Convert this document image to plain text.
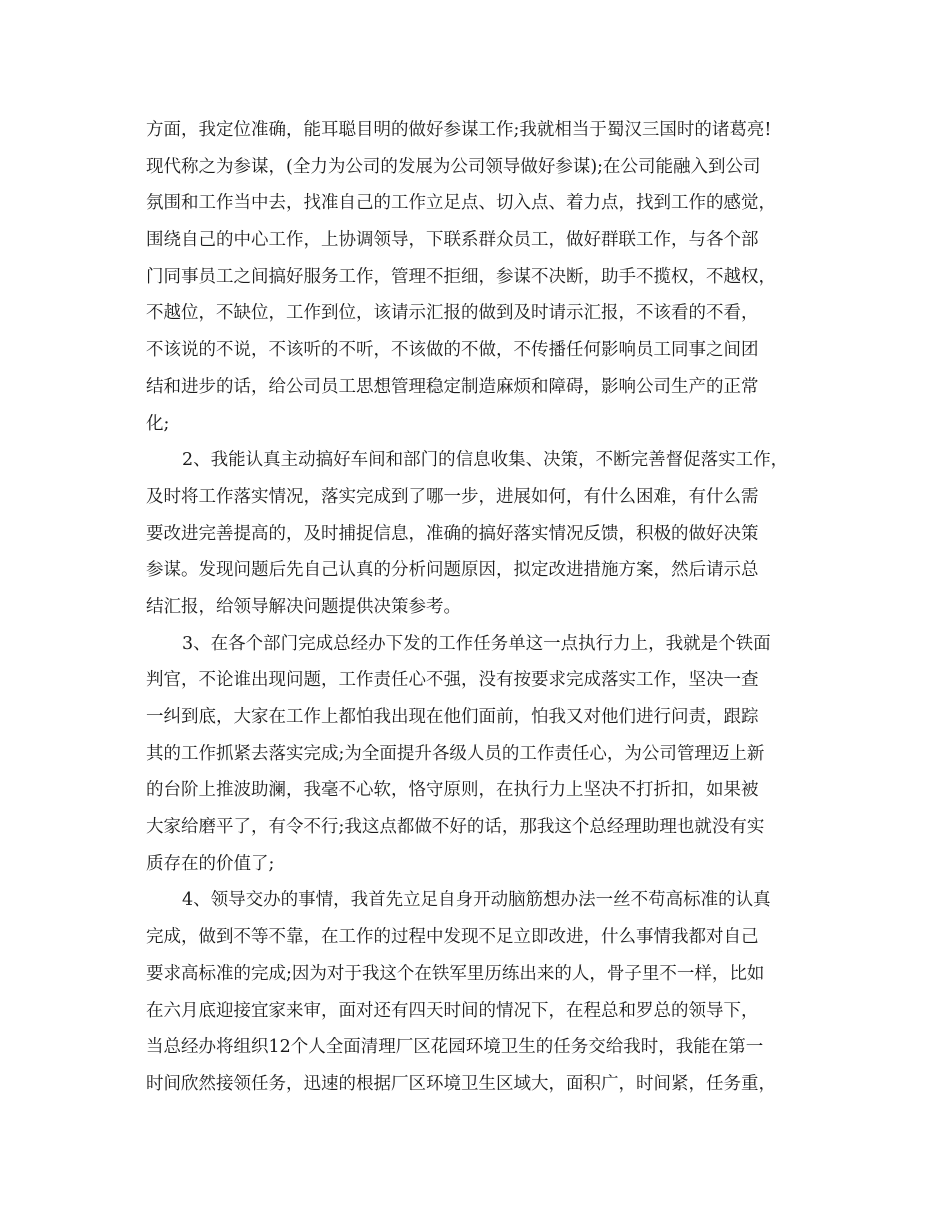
方面，我定位准确，能耳聪目明的做好参谋工作;我就相当于蜀汉三国时的诸葛亮!
现代称之为参谋，(全力为公司的发展为公司领导做好参谋);在公司能融入到公司
氛围和工作当中去，找准自己的工作立足点、切入点、着力点，找到工作的感觉，
围绕自己的中心工作，上协调领导，下联系群众员工，做好群联工作，与各个部
门同事员工之间搞好服务工作，管理不拒细，参谋不决断，助手不揽权，不越权，
不越位，不缺位，工作到位，该请示汇报的做到及时请示汇报，不该看的不看，
不该说的不说，不该听的不听，不该做的不做，不传播任何影响员工同事之间团
结和进步的话，给公司员工思想管理稳定制造麻烦和障碍，影响公司生产的正常
化;
2、我能认真主动搞好车间和部门的信息收集、决策，不断完善督促落实工作，
及时将工作落实情况，落实完成到了哪一步，进展如何，有什么困难，有什么需
要改进完善提高的，及时捕捉信息，准确的搞好落实情况反馈，积极的做好决策
参谋。发现问题后先自己认真的分析问题原因，拟定改进措施方案，然后请示总
结汇报，给领导解决问题提供决策参考。
3、在各个部门完成总经办下发的工作任务单这一点执行力上，我就是个铁面
判官，不论谁出现问题，工作责任心不强，没有按要求完成落实工作，坚决一查
一纠到底，大家在工作上都怕我出现在他们面前，怕我又对他们进行问责，跟踪
其的工作抓紧去落实完成;为全面提升各级人员的工作责任心，为公司管理迈上新
的台阶上推波助澜，我毫不心软，恪守原则，在执行力上坚决不打折扣，如果被
大家给磨平了，有令不行;我这点都做不好的话，那我这个总经理助理也就没有实
质存在的价值了;
4、领导交办的事情，我首先立足自身开动脑筋想办法一丝不苟高标准的认真
完成，做到不等不靠，在工作的过程中发现不足立即改进，什么事情我都对自己
要求高标准的完成;因为对于我这个在铁军里历练出来的人，骨子里不一样，比如
在六月底迎接宜家来审，面对还有四天时间的情况下，在程总和罗总的领导下，
当总经办将组织12个人全面清理厂区花园环境卫生的任务交给我时，我能在第一
时间欣然接领任务，迅速的根据厂区环境卫生区域大，面积广，时间紧，任务重，
